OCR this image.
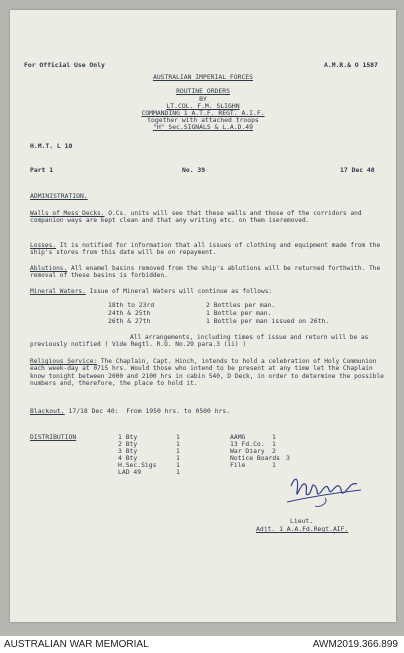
For Official Use Only	A.M.R.& O 1587
AUSTRALIAN IMPERIAL FORCES
ROUTINE ORDERS
BY
LT.COL. F.M. SLIGHN
COMMANDING 1 A.T.F. REGT. A.I.F.
together with attached troops
"H" Sec.SIGNALS & L.A.D.49
H.M.T. L 10
Part 1	No. 39	17 Dec 40
ADMINISTRATION.
Walls of Mess Decks. O.Cs. units will see that these walls and those of the corridors and companion ways are kept clean and that any writing etc. on them iseremoved.
Losses. It is notified for information that all issues of clothing and equipment made from the ship's stores from this date will be on repayment.
Ablutions. All enamel basins removed from the ship's ablutions will be returned forthwith. The removal of these basins is forbidden.
Mineral Waters. Issue of Mineral Waters will continue as follows:
18th to 23rd	2 Bottles per man.
24th & 25th	1 Bottle per man.
26th & 27th	1 Bottle per man issued on 26th.
All arrangements, including times of issue and return will be as previously notified ( Vide Regtl. R.O. No.29 para.3 (ii) )
Religious Service: The Chaplain, Capt. Hinch, intends to hold a celebration of Holy Communion each week-day at 0715 hrs. Would those who intend to be present at any time let the Chaplain know tonight between 2000 and 2100 hrs in cabin 540, D Deck, in order to determine the possible numbers and, therefore, the place to hold it.
Blackout. 17/18 Dec 40:  From 1950 hrs. to 0500 hrs.
DISTRIBUTION	1 Bty	1
2 Bty	1
3 Bty	1
4 Bty	1
H.Sec.Sigs	1
LAD 49	1
AAMG	1
13 Fd.Co. 1
War Diary 2
Notice Boards 3
File	1
Lieut.
Adjt. 1 A.A.Fd.Regt.AIF.
AUSTRALIAN WAR MEMORIAL	AWM2019.366.899
